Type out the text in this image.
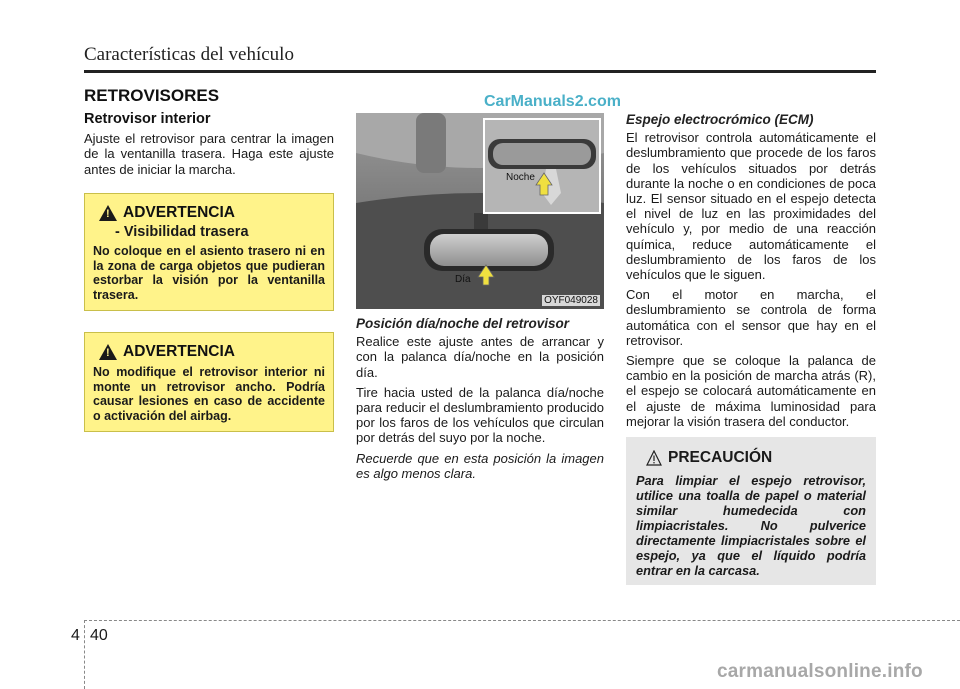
Características del vehículo
RETROVISORES	CarManuals2.com

Retrovisor interior

Ajuste el retrovisor para centrar la imagen de la ventanilla trasera. Haga este ajuste antes de iniciar la marcha.

!
ADVERTENCIA
- Visibilidad trasera
No coloque en el asiento trasero ni en la zona de carga objetos que pudieran estorbar la visión por la ventanilla trasera.
!
ADVERTENCIA
No modifique el retrovisor interior ni monte un retrovisor ancho. Podría causar lesiones en caso de accidente o activación del airbag.
Noche
Día
OYF049028

Posición día/noche del retrovisor

Realice este ajuste antes de arrancar y con la palanca día/noche en la posición día.

Tire hacia usted de la palanca día/noche para reducir el deslumbramiento producido por los faros de los vehículos que circulan por detrás del suyo por la noche.

Recuerde que en esta posición la imagen es algo menos clara.

Espejo electrocrómico (ECM)

El retrovisor controla automáticamente el deslumbramiento que procede de los faros de los vehículos situados por detrás durante la noche o en condiciones de poca luz. El sensor situado en el espejo detecta el nivel de luz en las proximidades del vehículo y, por medio de una reacción química, reduce automáticamente el deslumbramiento de los faros de los vehículos que le siguen.

Con el motor en marcha, el deslumbramiento se controla de forma automática con el sensor que hay en el retrovisor.

Siempre que se coloque la palanca de cambio en la posición de marcha atrás (R), el espejo se colocará automáticamente en el ajuste de máxima luminosidad para mejorar la visión trasera del conductor.

PRECAUCIÓN
Para limpiar el espejo retrovisor, utilice una toalla de papel o material similar humedecida con limpiacristales. No pulverice directamente limpiacristales sobre el espejo, ya que el líquido podría entrar en la carcasa.
4 40
carmanualsonline.info
